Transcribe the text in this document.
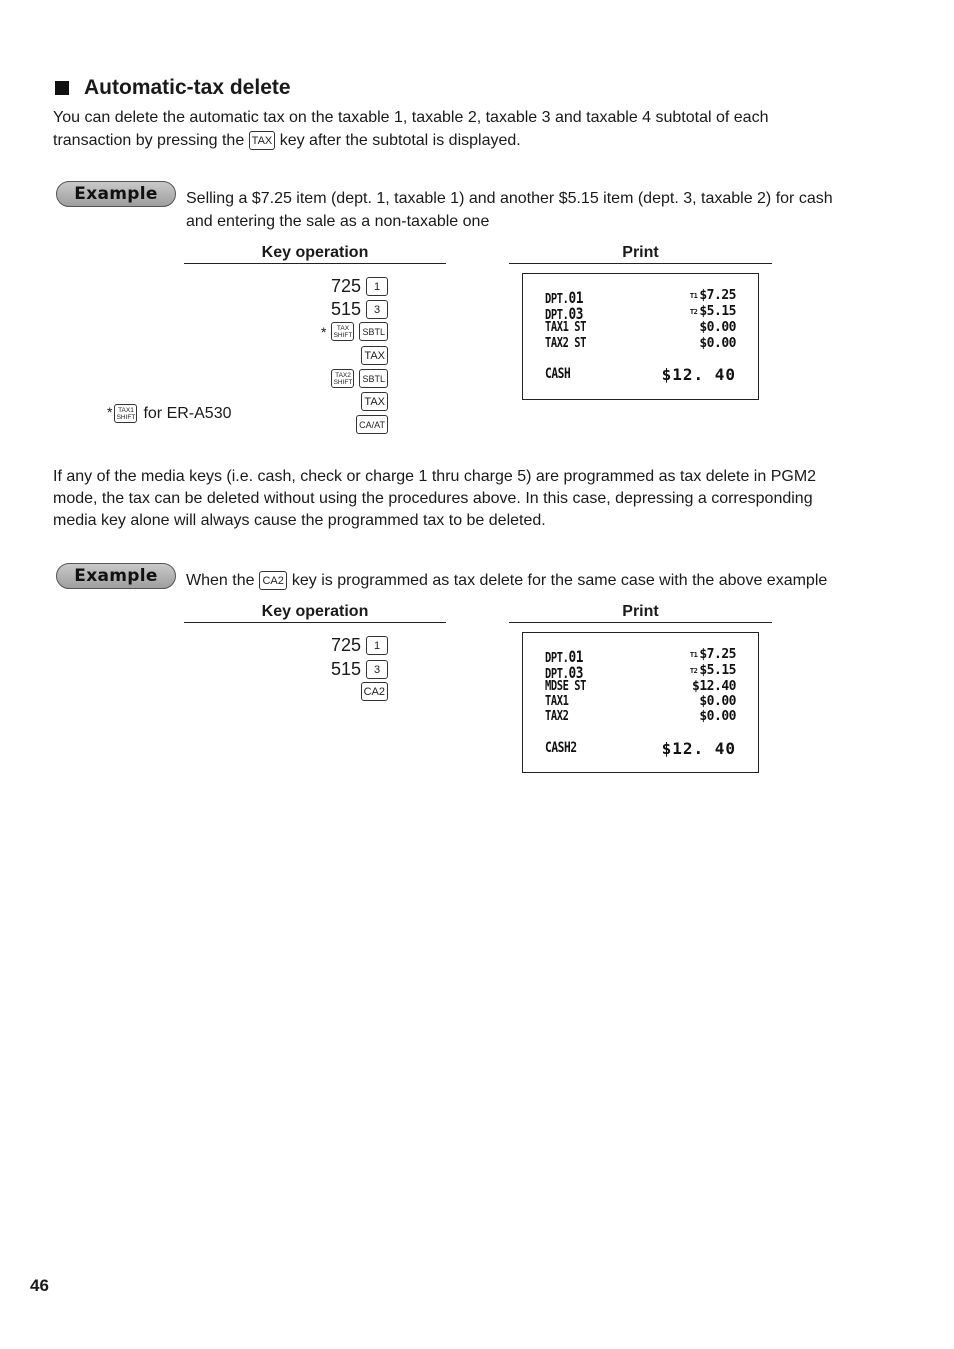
Automatic-tax delete
You can delete the automatic tax on the taxable 1, taxable 2, taxable 3 and taxable 4 subtotal of each
transaction by pressing the TAX key after the subtotal is displayed.
Example	Selling a $7.25 item (dept. 1, taxable 1) and another $5.15 item (dept. 3, taxable 2) for cash
and entering the sale as a non-taxable one
Key operation	Print
725	1
515	3
*	TAX
SHIFT	SBTL
TAX
TAX2
SHIFT	SBTL
TAX
CA/AT
* TAX1
SHIFT for ER-A530
DPT.01	T1 $7.25
DPT.03	T2 $5.15
TAX1 ST	$0.00
TAX2 ST	$0.00
CASH	$12. 40
If any of the media keys (i.e. cash, check or charge 1 thru charge 5) are programmed as tax delete in PGM2
mode, the tax can be deleted without using the procedures above. In this case, depressing a corresponding
media key alone will always cause the programmed tax to be deleted.
Example	When the CA2 key is programmed as tax delete for the same case with the above example
Key operation	Print
725	1
515	3
CA2
DPT.01	T1 $7.25
DPT.03	T2 $5.15
MDSE ST	$12.40
TAX1	$0.00
TAX2	$0.00
CASH2	$12. 40
46
